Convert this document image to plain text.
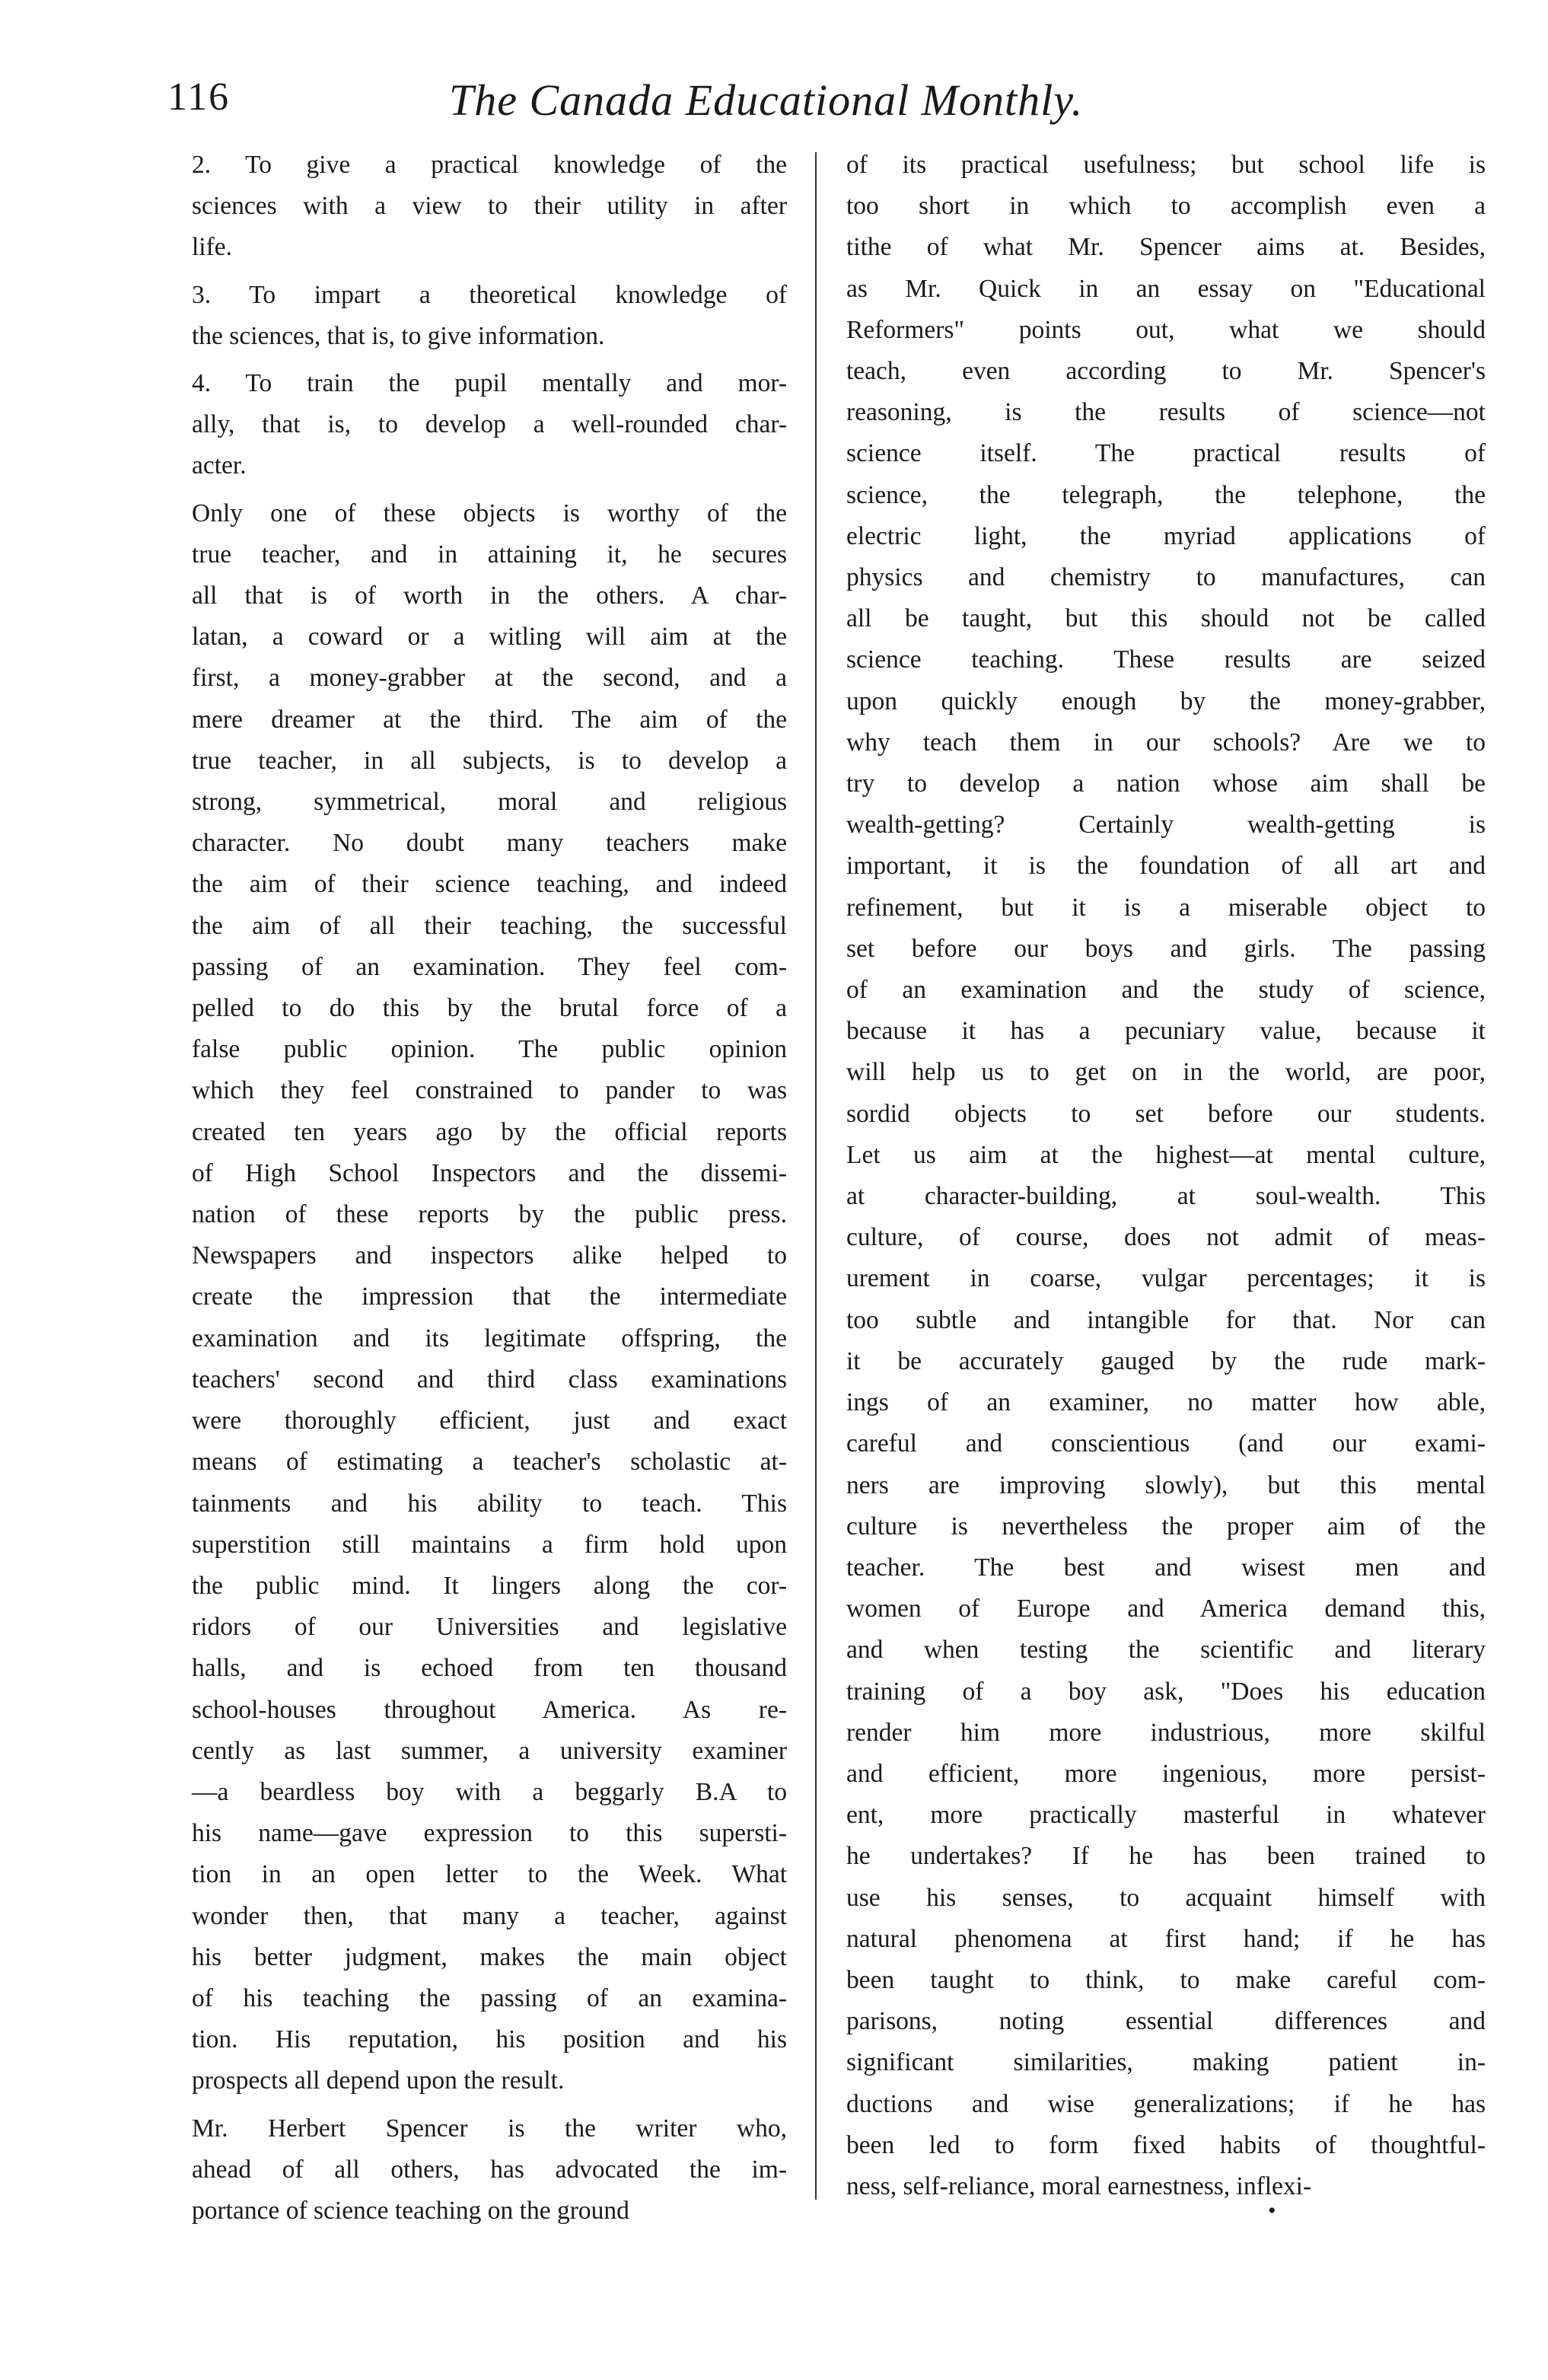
116	The Canada Educational Monthly.

2. To give a practical knowledge of the
sciences with a view to their utility in after
life.

3. To impart a theoretical knowledge of
the sciences, that is, to give information.

4. To train the pupil mentally and mor-
ally, that is, to develop a well-rounded char-
acter.

Only one of these objects is worthy of the
true teacher, and in attaining it, he secures
all that is of worth in the others. A char-
latan, a coward or a witling will aim at the
first, a money-grabber at the second, and a
mere dreamer at the third. The aim of the
true teacher, in all subjects, is to develop a
strong, symmetrical, moral and religious
character. No doubt many teachers make
the aim of their science teaching, and indeed
the aim of all their teaching, the successful
passing of an examination. They feel com-
pelled to do this by the brutal force of a
false public opinion. The public opinion
which they feel constrained to pander to was
created ten years ago by the official reports
of High School Inspectors and the dissemi-
nation of these reports by the public press.
Newspapers and inspectors alike helped to
create the impression that the intermediate
examination and its legitimate offspring, the
teachers' second and third class examinations
were thoroughly efficient, just and exact
means of estimating a teacher's scholastic at-
tainments and his ability to teach. This
superstition still maintains a firm hold upon
the public mind. It lingers along the cor-
ridors of our Universities and legislative
halls, and is echoed from ten thousand
school-houses throughout America. As re-
cently as last summer, a university examiner
—a beardless boy with a beggarly B.A to
his name—gave expression to this supersti-
tion in an open letter to the Week. What
wonder then, that many a teacher, against
his better judgment, makes the main object
of his teaching the passing of an examina-
tion. His reputation, his position and his
prospects all depend upon the result.

Mr. Herbert Spencer is the writer who,
ahead of all others, has advocated the im-
portance of science teaching on the ground

of its practical usefulness; but school life is
too short in which to accomplish even a
tithe of what Mr. Spencer aims at. Besides,
as Mr. Quick in an essay on "Educational
Reformers" points out, what we should
teach, even according to Mr. Spencer's
reasoning, is the results of science—not
science itself. The practical results of
science, the telegraph, the telephone, the
electric light, the myriad applications of
physics and chemistry to manufactures, can
all be taught, but this should not be called
science teaching. These results are seized
upon quickly enough by the money-grabber,
why teach them in our schools? Are we to
try to develop a nation whose aim shall be
wealth-getting? Certainly wealth-getting is
important, it is the foundation of all art and
refinement, but it is a miserable object to
set before our boys and girls. The passing
of an examination and the study of science,
because it has a pecuniary value, because it
will help us to get on in the world, are poor,
sordid objects to set before our students.
Let us aim at the highest—at mental culture,
at character-building, at soul-wealth. This
culture, of course, does not admit of meas-
urement in coarse, vulgar percentages; it is
too subtle and intangible for that. Nor can
it be accurately gauged by the rude mark-
ings of an examiner, no matter how able,
careful and conscientious (and our exami-
ners are improving slowly), but this mental
culture is nevertheless the proper aim of the
teacher. The best and wisest men and
women of Europe and America demand this,
and when testing the scientific and literary
training of a boy ask, "Does his education
render him more industrious, more skilful
and efficient, more ingenious, more persist-
ent, more practically masterful in whatever
he undertakes? If he has been trained to
use his senses, to acquaint himself with
natural phenomena at first hand; if he has
been taught to think, to make careful com-
parisons, noting essential differences and
significant similarities, making patient in-
ductions and wise generalizations; if he has
been led to form fixed habits of thoughtful-
ness, self-reliance, moral earnestness, inflexi-

•
